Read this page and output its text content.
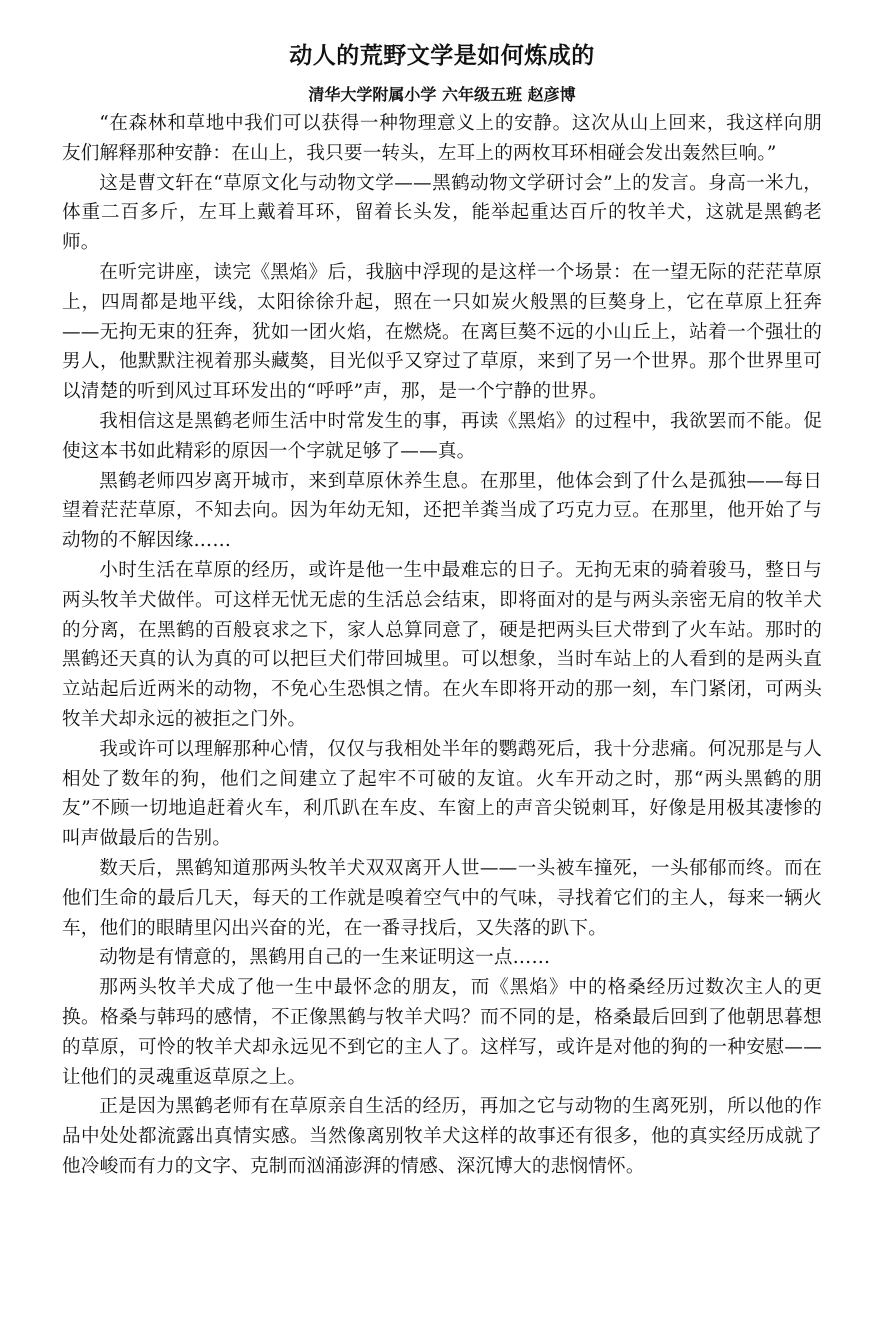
动人的荒野文学是如何炼成的
清华大学附属小学 六年级五班 赵彦博

“在森林和草地中我们可以获得一种物理意义上的安静。这次从山上回来，我这样向朋友们解释那种安静：在山上，我只要一转头，左耳上的两枚耳环相碰会发出轰然巨响。”

这是曹文轩在“草原文化与动物文学——黑鹤动物文学研讨会”上的发言。身高一米九，体重二百多斤，左耳上戴着耳环，留着长头发，能举起重达百斤的牧羊犬，这就是黑鹤老师。

在听完讲座，读完《黑焰》后，我脑中浮现的是这样一个场景：在一望无际的茫茫草原上，四周都是地平线，太阳徐徐升起，照在一只如炭火般黑的巨獒身上，它在草原上狂奔——无拘无束的狂奔，犹如一团火焰，在燃烧。在离巨獒不远的小山丘上，站着一个强壮的男人，他默默注视着那头藏獒，目光似乎又穿过了草原，来到了另一个世界。那个世界里可以清楚的听到风过耳环发出的“呼呼”声，那，是一个宁静的世界。

我相信这是黑鹤老师生活中时常发生的事，再读《黑焰》的过程中，我欲罢而不能。促使这本书如此精彩的原因一个字就足够了——真。

黑鹤老师四岁离开城市，来到草原休养生息。在那里，他体会到了什么是孤独——每日望着茫茫草原，不知去向。因为年幼无知，还把羊粪当成了巧克力豆。在那里，他开始了与动物的不解因缘……

小时生活在草原的经历，或许是他一生中最难忘的日子。无拘无束的骑着骏马，整日与两头牧羊犬做伴。可这样无忧无虑的生活总会结束，即将面对的是与两头亲密无肩的牧羊犬的分离，在黑鹤的百般哀求之下，家人总算同意了，硬是把两头巨犬带到了火车站。那时的黑鹤还天真的认为真的可以把巨犬们带回城里。可以想象，当时车站上的人看到的是两头直立站起后近两米的动物，不免心生恐惧之情。在火车即将开动的那一刻，车门紧闭，可两头牧羊犬却永远的被拒之门外。

我或许可以理解那种心情，仅仅与我相处半年的鹦鹉死后，我十分悲痛。何况那是与人相处了数年的狗，他们之间建立了起牢不可破的友谊。火车开动之时，那“两头黑鹤的朋友”不顾一切地追赶着火车，利爪趴在车皮、车窗上的声音尖锐刺耳，好像是用极其凄惨的叫声做最后的告别。

数天后，黑鹤知道那两头牧羊犬双双离开人世——一头被车撞死，一头郁郁而终。而在他们生命的最后几天，每天的工作就是嗅着空气中的气味，寻找着它们的主人，每来一辆火车，他们的眼睛里闪出兴奋的光，在一番寻找后，又失落的趴下。

动物是有情意的，黑鹤用自己的一生来证明这一点……

那两头牧羊犬成了他一生中最怀念的朋友，而《黑焰》中的格桑经历过数次主人的更换。格桑与韩玛的感情，不正像黑鹤与牧羊犬吗？而不同的是，格桑最后回到了他朝思暮想的草原，可怜的牧羊犬却永远见不到它的主人了。这样写，或许是对他的狗的一种安慰——让他们的灵魂重返草原之上。

正是因为黑鹤老师有在草原亲自生活的经历，再加之它与动物的生离死别，所以他的作品中处处都流露出真情实感。当然像离别牧羊犬这样的故事还有很多，他的真实经历成就了他冷峻而有力的文字、克制而汹涌澎湃的情感、深沉博大的悲悯情怀。
